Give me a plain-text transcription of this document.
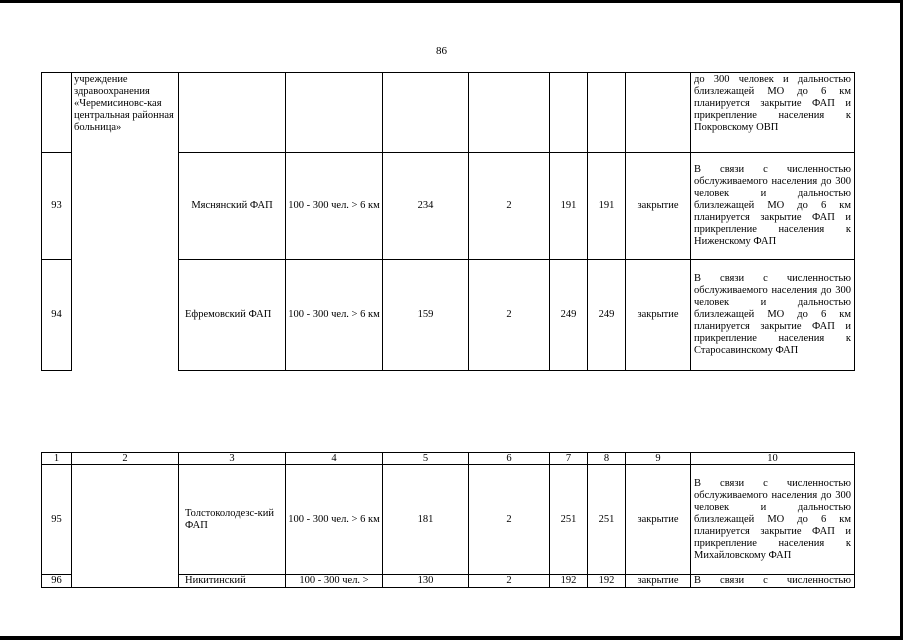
86
	учреждение здравоохранения «Черемисиновс-кая центральная районная больница»								до 300 человек и дальностью близлежащей МО до 6 км планируется закрытие ФАП и прикрепление населения к Покровскому ОВП
93		Мяснянский ФАП	100 - 300 чел. > 6 км	234	2	191	191	закрытие	В связи с численностью обслуживаемого населения до 300 человек и дальностью близлежащей МО до 6 км планируется закрытие ФАП и прикрепление населения к Ниженскому ФАП
94		Ефремовский ФАП	100 - 300 чел. > 6 км	159	2	249	249	закрытие	В связи с численностью обслуживаемого населения до 300 человек и дальностью близлежащей МО до 6 км планируется закрытие ФАП и прикрепление населения к Старосавинскому ФАП
1	2	3	4	5	6	7	8	9	10
95		Толстоколодезс-кий ФАП	100 - 300 чел. > 6 км	181	2	251	251	закрытие	В связи с численностью обслуживаемого населения до 300 человек и дальностью близлежащей МО до 6 км планируется закрытие ФАП и прикрепление населения к Михайловскому ФАП
96		Никитинский	100 - 300 чел. >	130	2	192	192	закрытие	В связи с численностью
